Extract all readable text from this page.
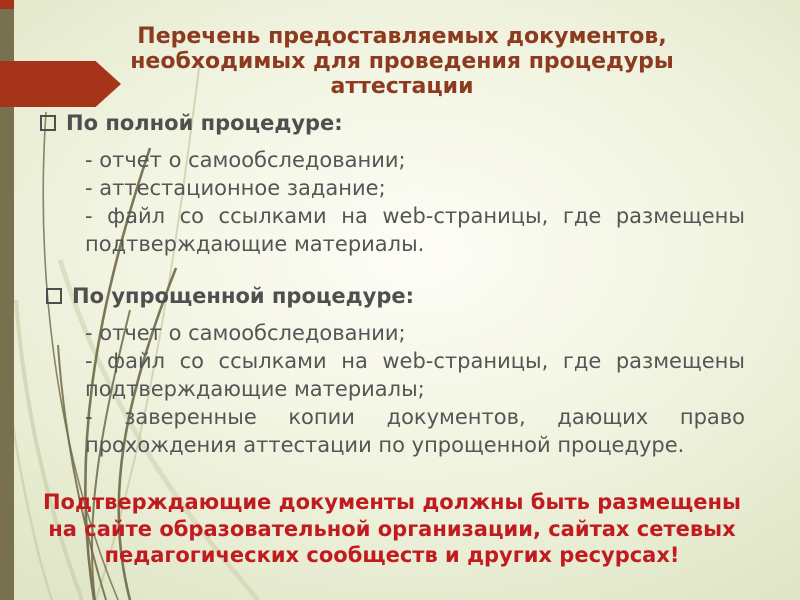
Перечень предоставляемых документов,
необходимых для проведения процедуры
аттестации
По полной процедуре:
- отчет о самообследовании;
- аттестационное задание;
- файл со ссылками на web-страницы, где размещены
подтверждающие материалы.
По упрощенной процедуре:
- отчет о самообследовании;
- файл со ссылками на web-страницы, где размещены
подтверждающие материалы;
- заверенные копии документов, дающих право
прохождения аттестации по упрощенной процедуре.
Подтверждающие документы должны быть размещены
на сайте образовательной организации, сайтах сетевых
педагогических сообществ и других ресурсах!
